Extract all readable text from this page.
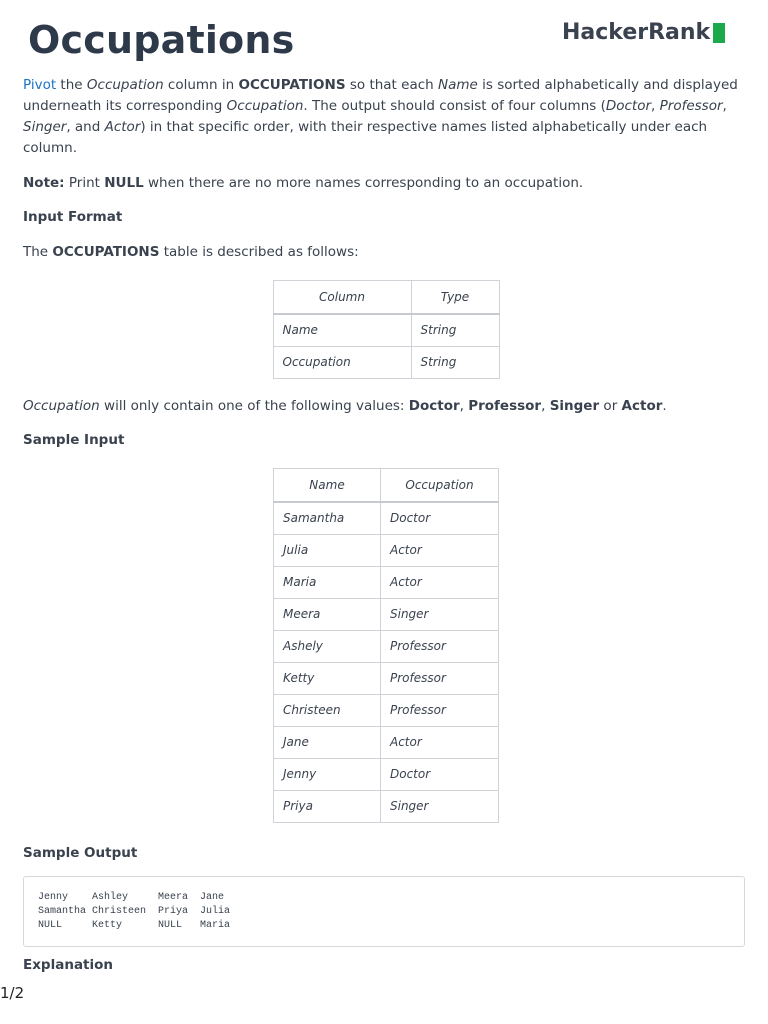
Occupations	HackerRank

Pivot the Occupation column in OCCUPATIONS so that each Name is sorted alphabetically and displayed underneath its corresponding Occupation. The output should consist of four columns (Doctor, Professor, Singer, and Actor) in that specific order, with their respective names listed alphabetically under each column.

Note: Print NULL when there are no more names corresponding to an occupation.

Input Format

The OCCUPATIONS table is described as follows:

Column	Type
Name	String
Occupation	String

Occupation will only contain one of the following values: Doctor, Professor, Singer or Actor.

Sample Input

Name	Occupation
Samantha	Doctor
Julia	Actor
Maria	Actor
Meera	Singer
Ashely	Professor
Ketty	Professor
Christeen	Professor
Jane	Actor
Jenny	Doctor
Priya	Singer

Sample Output

Jenny    Ashley     Meera  Jane
Samantha Christeen  Priya  Julia
NULL     Ketty      NULL   Maria

Explanation

1/2
